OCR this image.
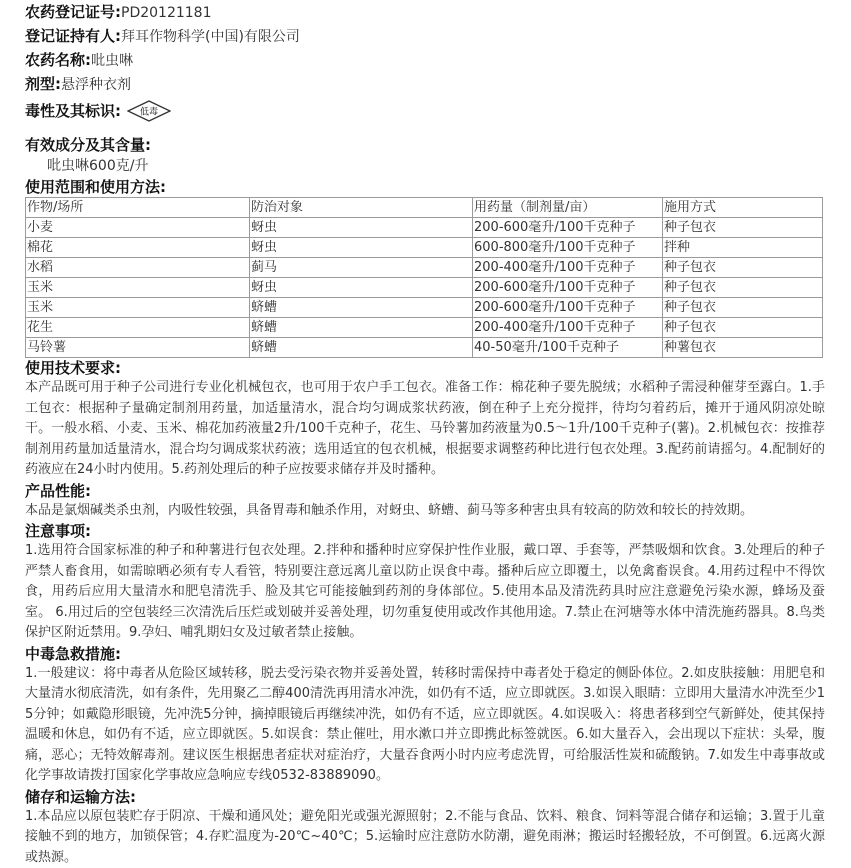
农药登记证号: PD20121181
登记证持有人: 拜耳作物科学(中国)有限公司
农药名称: 吡虫啉
剂型: 悬浮种衣剂
毒性及其标识: 低毒
有效成分及其含量:
吡虫啉600克/升
使用范围和使用方法:
作物/场所	防治对象	用药量（制剂量/亩）	施用方式
小麦	蚜虫	200-600毫升/100千克种子	种子包衣
棉花	蚜虫	600-800毫升/100千克种子	拌种
水稻	蓟马	200-400毫升/100千克种子	种子包衣
玉米	蚜虫	200-600毫升/100千克种子	种子包衣
玉米	蛴螬	200-600毫升/100千克种子	种子包衣
花生	蛴螬	200-400毫升/100千克种子	种子包衣
马铃薯	蛴螬	40-50毫升/100千克种子	种薯包衣
使用技术要求:

本产品既可用于种子公司进行专业化机械包衣，也可用于农户手工包衣。准备工作：棉花种子要先脱绒；水稻种子需浸种催芽至露白。1.手工包衣：根据种子量确定制剂用药量，加适量清水，混合均匀调成浆状药液，倒在种子上充分搅拌，待均匀着药后，摊开于通风阴凉处晾干。一般水稻、小麦、玉米、棉花加药液量2升/100千克种子，花生、马铃薯加药液量为0.5～1升/100千克种子(薯)。2.机械包衣：按推荐制剂用药量加适量清水，混合均匀调成浆状药液；选用适宜的包衣机械，根据要求调整药种比进行包衣处理。3.配药前请摇匀。4.配制好的药液应在24小时内使用。5.药剂处理后的种子应按要求储存并及时播种。

产品性能:

本品是氯烟碱类杀虫剂，内吸性较强，具备胃毒和触杀作用，对蚜虫、蛴螬、蓟马等多种害虫具有较高的防效和较长的持效期。

注意事项:

1.选用符合国家标准的种子和种薯进行包衣处理。2.拌种和播种时应穿保护性作业服，戴口罩、手套等，严禁吸烟和饮食。3.处理后的种子严禁人畜食用，如需晾晒必须有专人看管，特别要注意远离儿童以防止误食中毒。播种后应立即覆土，以免禽畜误食。4.用药过程中不得饮食，用药后应用大量清水和肥皂清洗手、脸及其它可能接触到药剂的身体部位。5.使用本品及清洗药具时应注意避免污染水源，蜂场及蚕室。 6.用过后的空包装经三次清洗后压烂或划破并妥善处理，切勿重复使用或改作其他用途。7.禁止在河塘等水体中清洗施药器具。8.鸟类保护区附近禁用。9.孕妇、哺乳期妇女及过敏者禁止接触。

中毒急救措施:

1.一般建议：将中毒者从危险区域转移，脱去受污染衣物并妥善处置，转移时需保持中毒者处于稳定的侧卧体位。2.如皮肤接触：用肥皂和大量清水彻底清洗，如有条件，先用聚乙二醇400清洗再用清水冲洗，如仍有不适，应立即就医。3.如误入眼睛：立即用大量清水冲洗至少15分钟；如戴隐形眼镜，先冲洗5分钟，摘掉眼镜后再继续冲洗，如仍有不适，应立即就医。4.如误吸入：将患者移到空气新鲜处，使其保持温暖和休息，如仍有不适，应立即就医。5.如误食：禁止催吐，用水漱口并立即携此标签就医。6.如大量吞入，会出现以下症状：头晕，腹痛，恶心；无特效解毒剂。建议医生根据患者症状对症治疗，大量吞食两小时内应考虑洗胃，可给服活性炭和硫酸钠。7.如发生中毒事故或化学事故请拨打国家化学事故应急响应专线0532-83889090。

储存和运输方法:

1.本品应以原包装贮存于阴凉、干燥和通风处；避免阳光或强光源照射；2.不能与食品、饮料、粮食、饲料等混合储存和运输；3.置于儿童接触不到的地方，加锁保管；4.存贮温度为-20℃~40℃；5.运输时应注意防水防潮，避免雨淋；搬运时轻搬轻放，不可倒置。6.远离火源或热源。
